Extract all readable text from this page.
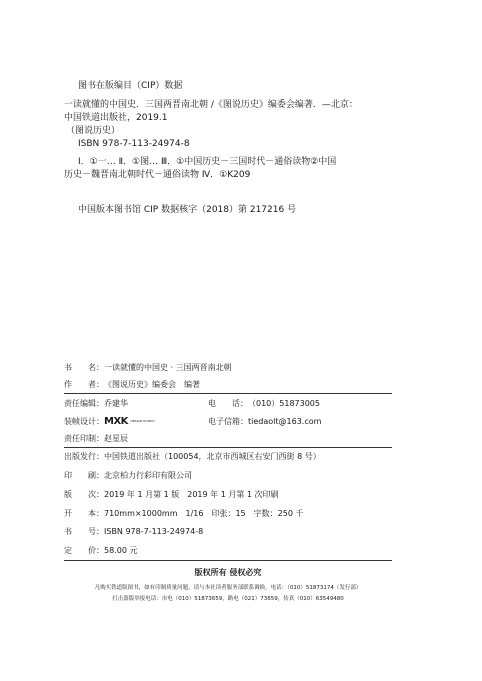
图书在版编目（CIP）数据
一读就懂的中国史．三国两晋南北朝 /《图说历史》编委会编著．—北京：
中国铁道出版社，2019.1
（图说历史）
ISBN 978-7-113-24974-8
Ⅰ．①一… Ⅱ．①图… Ⅲ．①中国历史－三国时代－通俗读物②中国
历史－魏晋南北朝时代－通俗读物 Ⅳ．①K209
中国版本图书馆 CIP 数据核字（2018）第 217216 号
书　　名：一读就懂的中国史 · 三国两晋南北朝
作　　者：《图说历史》编委会　编著
责任编辑：乔建华	电　　话：（010）51873005
装帧设计：MXK DESIGN STUDIO	电子信箱：tiedaolt@163.com
责任印制：赵星辰
出版发行：中国铁道出版社（100054，北京市西城区右安门西街 8 号）
印　　刷：北京柏力行彩印有限公司
版　　次：2019 年 1 月第 1 版　2019 年 1 月第 1 次印刷
开　　本：710mm×1000mm　1/16　印张：15　字数：250 千
书　　号：ISBN 978-7-113-24974-8
定　　价：58.00 元
版权所有 侵权必究
凡购买铁道版图书，如有印制质量问题，请与本社读者服务部联系调换。电话：（010）51873174（发行部）
打击盗版举报电话：市电（010）51873659，路电（021）73659，传真（010）63549480
